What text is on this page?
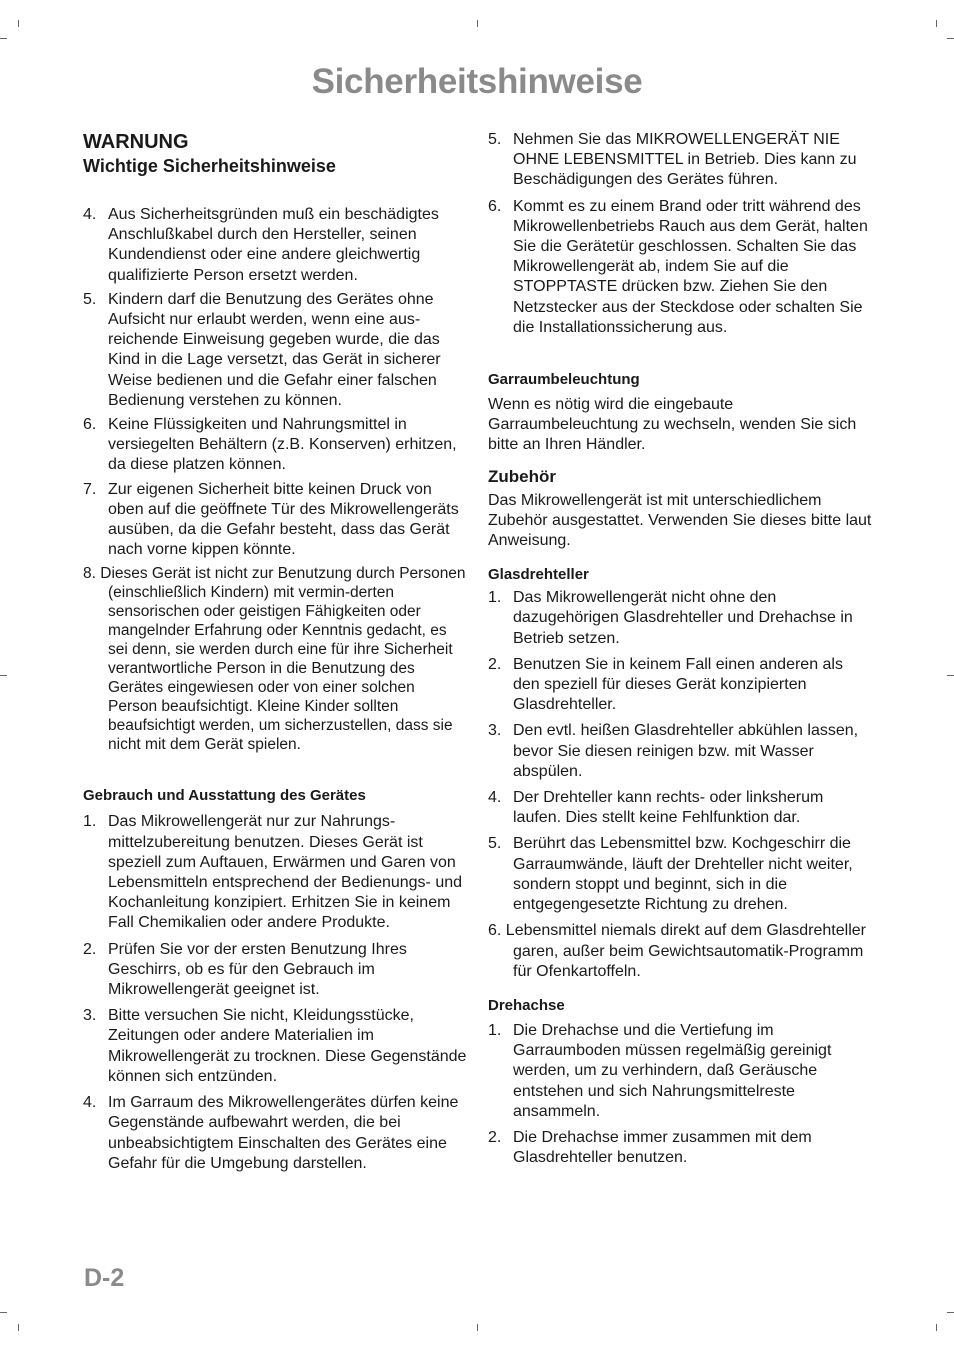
Sicherheitshinweise
WARNUNG
Wichtige Sicherheitshinweise
4. Aus Sicherheitsgründen muß ein beschädigtes Anschlußkabel durch den Hersteller, seinen Kundendienst oder eine andere gleichwertig qualifizierte Person ersetzt werden.
5. Kindern darf die Benutzung des Gerätes ohne Aufsicht nur erlaubt werden, wenn eine aus-reichende Einweisung gegeben wurde, die das Kind in die Lage versetzt, das Gerät in sicherer Weise bedienen und die Gefahr einer falschen Bedienung verstehen zu können.
6. Keine Flüssigkeiten und Nahrungsmittel in versiegelten Behältern (z.B. Konserven) erhitzen, da diese platzen können.
7. Zur eigenen Sicherheit bitte keinen Druck von oben auf die geöffnete Tür des Mikrowellengeräts ausüben, da die Gefahr besteht, dass das Gerät nach vorne kippen könnte.
8. Dieses Gerät ist nicht zur Benutzung durch Personen (einschließlich Kindern) mit vermin-derten sensorischen oder geistigen Fähigkeiten oder mangelnder Erfahrung oder Kenntnis gedacht, es sei denn, sie werden durch eine für ihre Sicherheit verantwortliche Person in die Benutzung des Gerätes eingewiesen oder von einer solchen Person beaufsichtigt. Kleine Kinder sollten beaufsichtigt werden, um sicherzustellen, dass sie nicht mit dem Gerät spielen.
Gebrauch und Ausstattung des Gerätes
1. Das Mikrowellengerät nur zur Nahrungs-mittelzubereitung benutzen. Dieses Gerät ist speziell zum Auftauen, Erwärmen und Garen von Lebensmitteln entsprechend der Bedienungs- und Kochanleitung konzipiert. Erhitzen Sie in keinem Fall Chemikalien oder andere Produkte.
2. Prüfen Sie vor der ersten Benutzung Ihres Geschirrs, ob es für den Gebrauch im Mikrowellengerät geeignet ist.
3. Bitte versuchen Sie nicht, Kleidungsstücke, Zeitungen oder andere Materialien im Mikrowellengerät zu trocknen. Diese Gegenstände können sich entzünden.
4. Im Garraum des Mikrowellengerätes dürfen keine Gegenstände aufbewahrt werden, die bei unbeabsichtigtem Einschalten des Gerätes eine Gefahr für die Umgebung darstellen.
5. Nehmen Sie das MIKROWELLENGERÄT NIE OHNE LEBENSMITTEL in Betrieb. Dies kann zu Beschädigungen des Gerätes führen.
6. Kommt es zu einem Brand oder tritt während des Mikrowellenbetriebs Rauch aus dem Gerät, halten Sie die Gerätetür geschlossen. Schalten Sie das Mikrowellengerät ab, indem Sie auf die STOPPTASTE drücken bzw. Ziehen Sie den Netzstecker aus der Steckdose oder schalten Sie die Installationssicherung aus.
Garraumbeleuchtung

Wenn es nötig wird die eingebaute Garraumbeleuchtung zu wechseln, wenden Sie sich bitte an Ihren Händler.

Zubehör

Das Mikrowellengerät ist mit unterschiedlichem Zubehör ausgestattet. Verwenden Sie dieses bitte laut Anweisung.

Glasdrehteller
1. Das Mikrowellengerät nicht ohne den dazugehörigen Glasdrehteller und Drehachse in Betrieb setzen.
2. Benutzen Sie in keinem Fall einen anderen als den speziell für dieses Gerät konzipierten Glasdrehteller.
3. Den evtl. heißen Glasdrehteller abkühlen lassen, bevor Sie diesen reinigen bzw. mit Wasser abspülen.
4. Der Drehteller kann rechts- oder linksherum laufen. Dies stellt keine Fehlfunktion dar.
5. Berührt das Lebensmittel bzw. Kochgeschirr die Garraumwände, läuft der Drehteller nicht weiter, sondern stoppt und beginnt, sich in die entgegengesetzte Richtung zu drehen.
6. Lebensmittel niemals direkt auf dem Glasdrehteller garen, außer beim Gewichtsautomatik-Programm für Ofenkartoffeln.
Drehachse
1. Die Drehachse und die Vertiefung im Garraumboden müssen regelmäßig gereinigt werden, um zu verhindern, daß Geräusche entstehen und sich Nahrungsmittelreste ansammeln.
2. Die Drehachse immer zusammen mit dem Glasdrehteller benutzen.
D-2
